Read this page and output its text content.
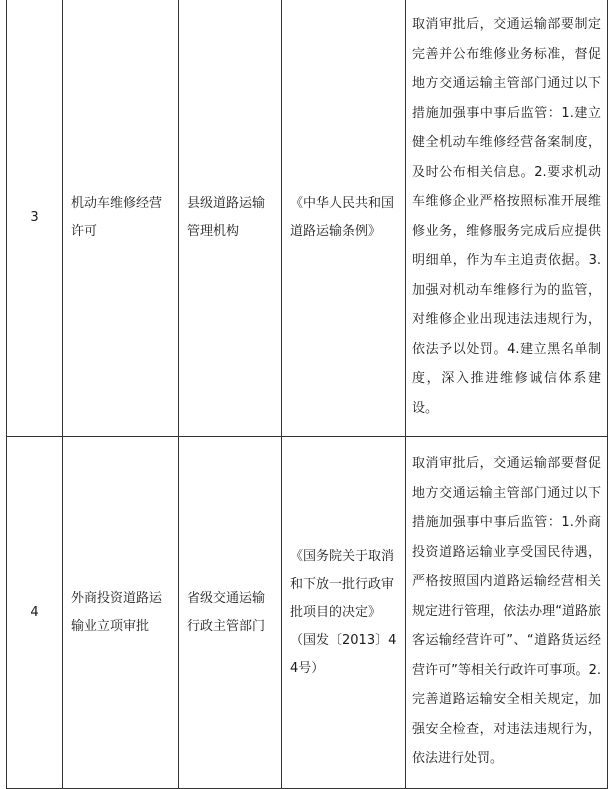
3	机动车维修经营许可	县级道路运输管理机构	《中华人民共和国道路运输条例》	取消审批后，交通运输部要制定完善并公布维修业务标准，督促地方交通运输主管部门通过以下措施加强事中事后监管：1.建立健全机动车维修经营备案制度，及时公布相关信息。2.要求机动车维修企业严格按照标准开展维修业务，维修服务完成后应提供明细单，作为车主追责依据。3.加强对机动车维修行为的监管，对维修企业出现违法违规行为，依法予以处罚。4.建立黑名单制度，深入推进维修诚信体系建设。
4	外商投资道路运输业立项审批	省级交通运输行政主管部门	《国务院关于取消和下放一批行政审批项目的决定》（国发〔2013〕44号）	取消审批后，交通运输部要督促地方交通运输主管部门通过以下措施加强事中事后监管：1.外商投资道路运输业享受国民待遇，严格按照国内道路运输经营相关规定进行管理，依法办理“道路旅客运输经营许可”、“道路货运经营许可”等相关行政许可事项。2.完善道路运输安全相关规定，加强安全检查，对违法违规行为，依法进行处罚。
